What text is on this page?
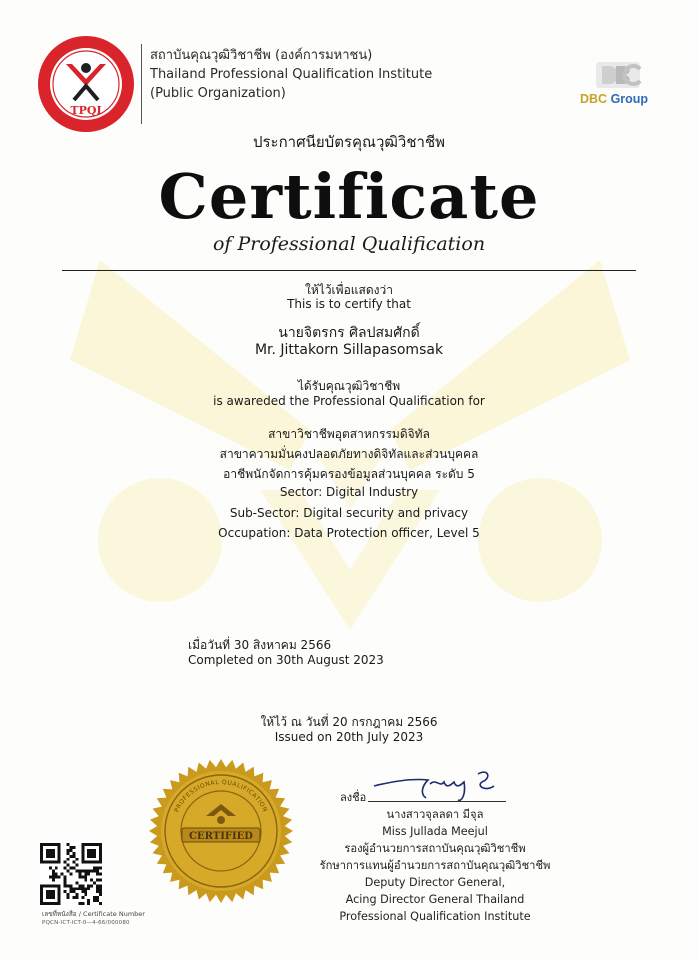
TPQI
สถาบันคุณวุฒิวิชาชีพ (องค์การมหาชน)
Thailand Professional Qualification Institute
(Public Organization)	DBC Group
ประกาศนียบัตรคุณวุฒิวิชาชีพ
Certificate
of Professional Qualification
ให้ไว้เพื่อแสดงว่า
This is to certify that
นายจิตรกร ศิลปสมศักดิ์
Mr. Jittakorn Sillapasomsak
ได้รับคุณวุฒิวิชาชีพ
is awareded the Professional Qualification for
สาขาวิชาชีพอุตสาหกรรมดิจิทัล
สาขาความมั่นคงปลอดภัยทางดิจิทัลและส่วนบุคคล
อาชีพนักจัดการคุ้มครองข้อมูลส่วนบุคคล ระดับ 5
Sector: Digital Industry
Sub-Sector: Digital security and privacy
Occupation: Data Protection officer, Level 5
เมื่อวันที่ 30 สิงหาคม 2566
Completed on 30th August 2023
ให้ไว้ ณ วันที่ 20 กรกฎาคม 2566
Issued on 20th July 2023
PROFESSIONAL QUALIFICATION
CERTIFIED
เลขที่หนังสือ / Certificate Number
PQCN-ICT-ICT-0—4-66/000080
ลงชื่อ
นางสาวจุลลดา มีจุล
Miss Jullada Meejul
รองผู้อำนวยการสถาบันคุณวุฒิวิชาชีพ
รักษาการแทนผู้อำนวยการสถาบันคุณวุฒิวิชาชีพ
Deputy Director General,
Acing Director General Thailand
Professional Qualification Institute
